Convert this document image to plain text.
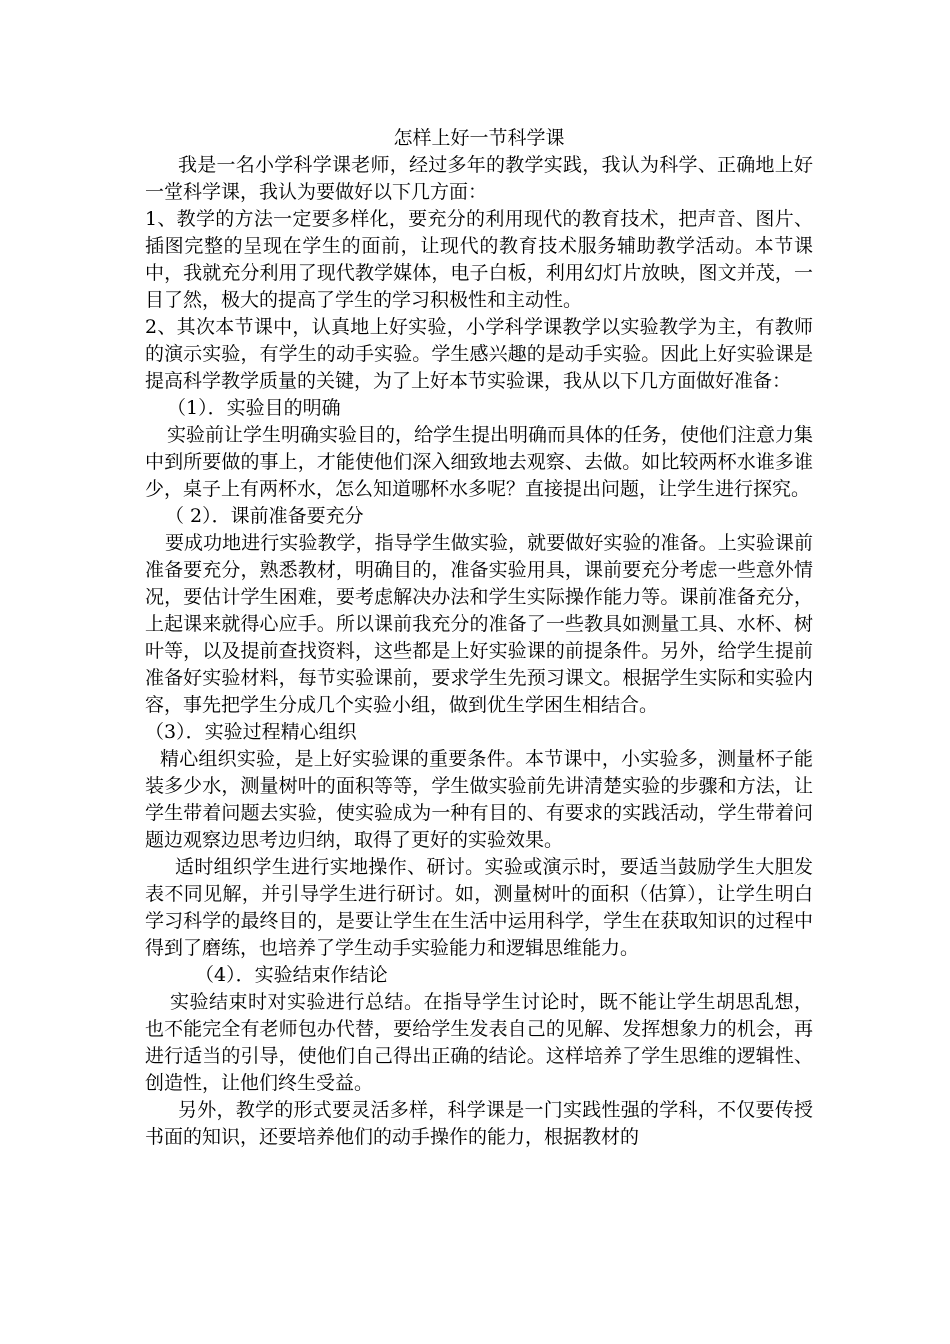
怎样上好一节科学课

我是一名小学科学课老师，经过多年的教学实践，我认为科学、正确地上好一堂科学课，我认为要做好以下几方面：

1、教学的方法一定要多样化，要充分的利用现代的教育技术，把声音、图片、插图完整的呈现在学生的面前，让现代的教育技术服务辅助教学活动。本节课中，我就充分利用了现代教学媒体，电子白板，利用幻灯片放映，图文并茂，一目了然，极大的提高了学生的学习积极性和主动性。

2、其次本节课中，认真地上好实验，小学科学课教学以实验教学为主，有教师的演示实验，有学生的动手实验。学生感兴趣的是动手实验。因此上好实验课是提高科学教学质量的关键，为了上好本节实验课，我从以下几方面做好准备：

（1）．实验目的明确

实验前让学生明确实验目的，给学生提出明确而具体的任务，使他们注意力集中到所要做的事上，才能使他们深入细致地去观察、去做。如比较两杯水谁多谁少，桌子上有两杯水，怎么知道哪杯水多呢？直接提出问题，让学生进行探究。

（ 2）．课前准备要充分

要成功地进行实验教学，指导学生做实验，就要做好实验的准备。上实验课前准备要充分，熟悉教材，明确目的，准备实验用具，课前要充分考虑一些意外情况，要估计学生困难，要考虑解决办法和学生实际操作能力等。课前准备充分，上起课来就得心应手。所以课前我充分的准备了一些教具如测量工具、水杯、树叶等，以及提前查找资料，这些都是上好实验课的前提条件。另外，给学生提前准备好实验材料，每节实验课前，要求学生先预习课文。根据学生实际和实验内容，事先把学生分成几个实验小组，做到优生学困生相结合。

（3）．实验过程精心组织

精心组织实验，是上好实验课的重要条件。本节课中，小实验多，测量杯子能装多少水，测量树叶的面积等等，学生做实验前先讲清楚实验的步骤和方法，让学生带着问题去实验，使实验成为一种有目的、有要求的实践活动，学生带着问题边观察边思考边归纳，取得了更好的实验效果。

适时组织学生进行实地操作、研讨。实验或演示时，要适当鼓励学生大胆发表不同见解，并引导学生进行研讨。如，测量树叶的面积（估算），让学生明白学习科学的最终目的，是要让学生在生活中运用科学，学生在获取知识的过程中得到了磨练，也培养了学生动手实验能力和逻辑思维能力。

（4）．实验结束作结论

实验结束时对实验进行总结。在指导学生讨论时，既不能让学生胡思乱想，也不能完全有老师包办代替，要给学生发表自己的见解、发挥想象力的机会，再进行适当的引导，使他们自己得出正确的结论。这样培养了学生思维的逻辑性、创造性，让他们终生受益。

另外，教学的形式要灵活多样，科学课是一门实践性强的学科，不仅要传授书面的知识，还要培养他们的动手操作的能力，根据教材的
